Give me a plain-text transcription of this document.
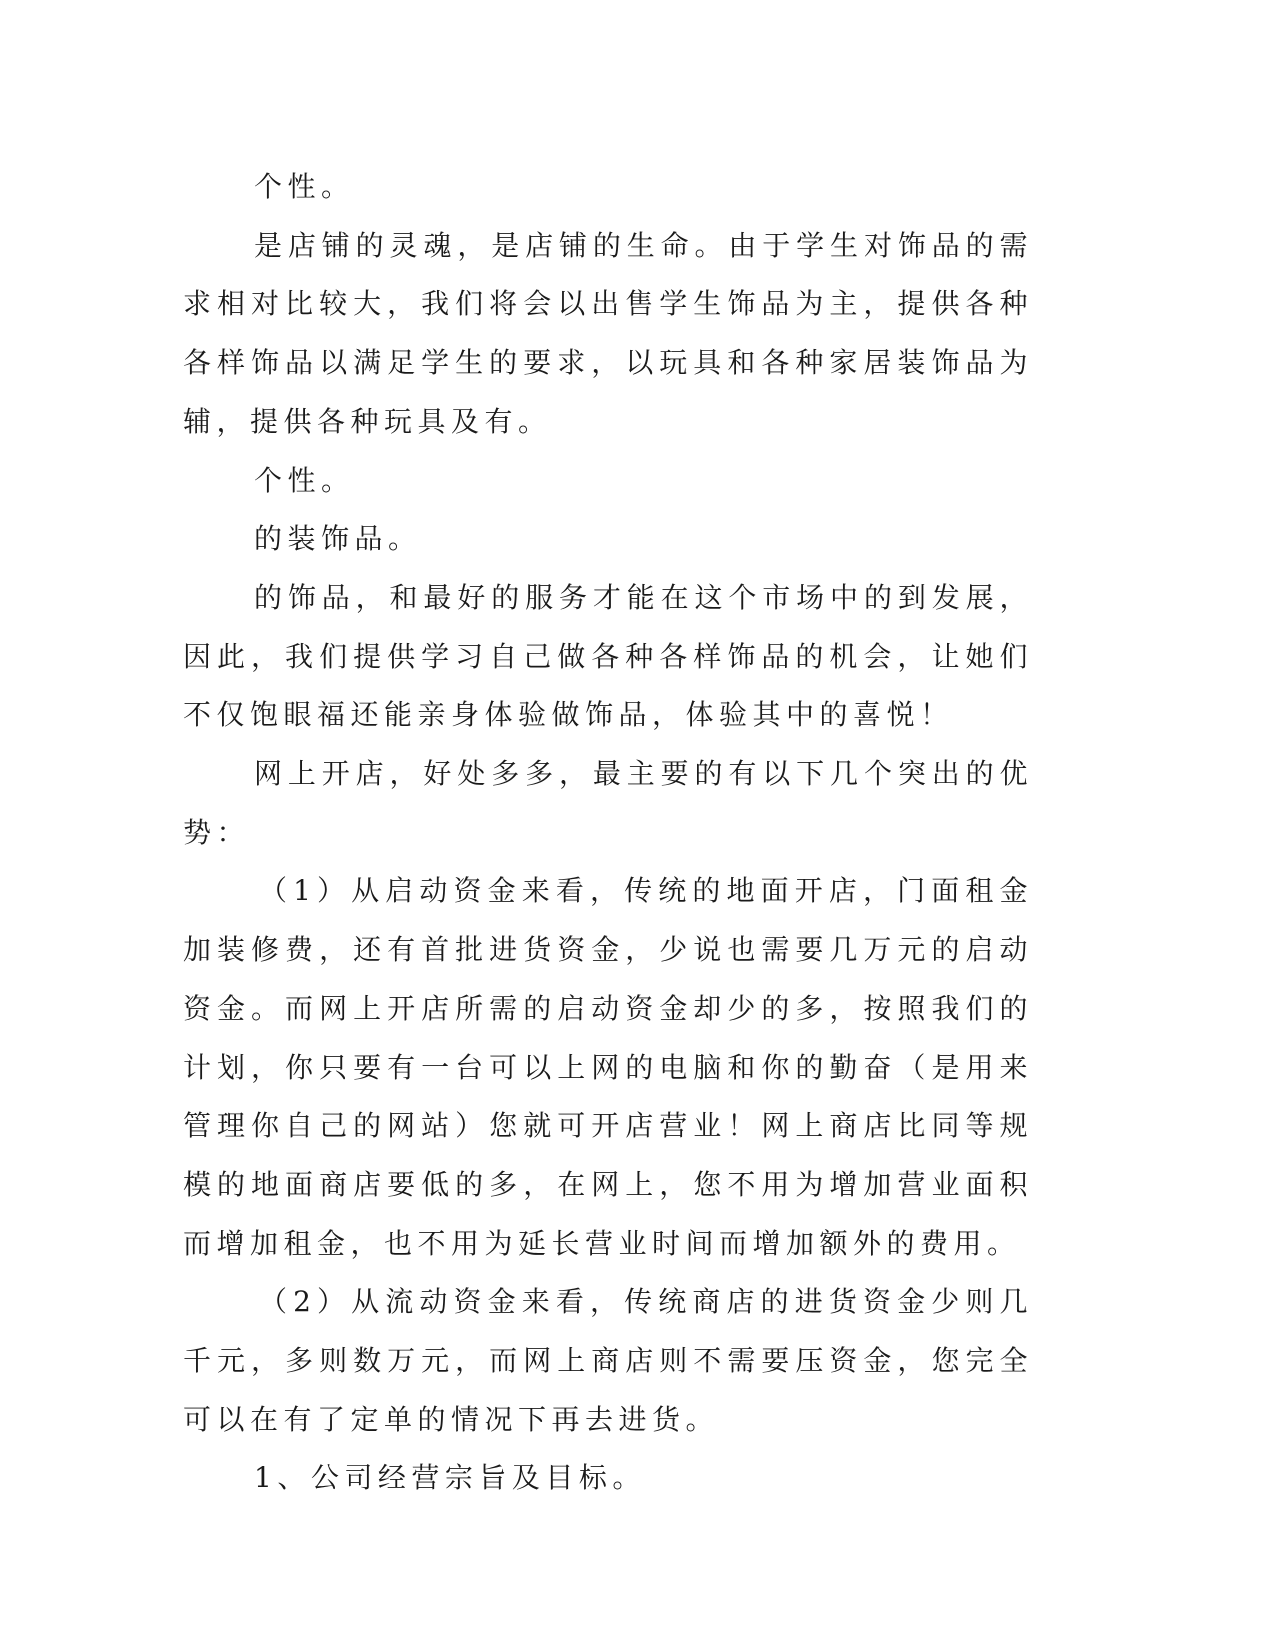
个性。

是店铺的灵魂，是店铺的生命。由于学生对饰品的需求相对比较大，我们将会以出售学生饰品为主，提供各种各样饰品以满足学生的要求，以玩具和各种家居装饰品为辅，提供各种玩具及有。

个性。

的装饰品。

的饰品，和最好的服务才能在这个市场中的到发展，因此，我们提供学习自己做各种各样饰品的机会，让她们不仅饱眼福还能亲身体验做饰品，体验其中的喜悦！

网上开店，好处多多，最主要的有以下几个突出的优势：

（1）从启动资金来看，传统的地面开店，门面租金加装修费，还有首批进货资金，少说也需要几万元的启动资金。而网上开店所需的启动资金却少的多，按照我们的计划，你只要有一台可以上网的电脑和你的勤奋（是用来管理你自己的网站）您就可开店营业！网上商店比同等规模的地面商店要低的多，在网上，您不用为增加营业面积而增加租金，也不用为延长营业时间而增加额外的费用。

（2）从流动资金来看，传统商店的进货资金少则几千元，多则数万元，而网上商店则不需要压资金，您完全可以在有了定单的情况下再去进货。

1、公司经营宗旨及目标。
